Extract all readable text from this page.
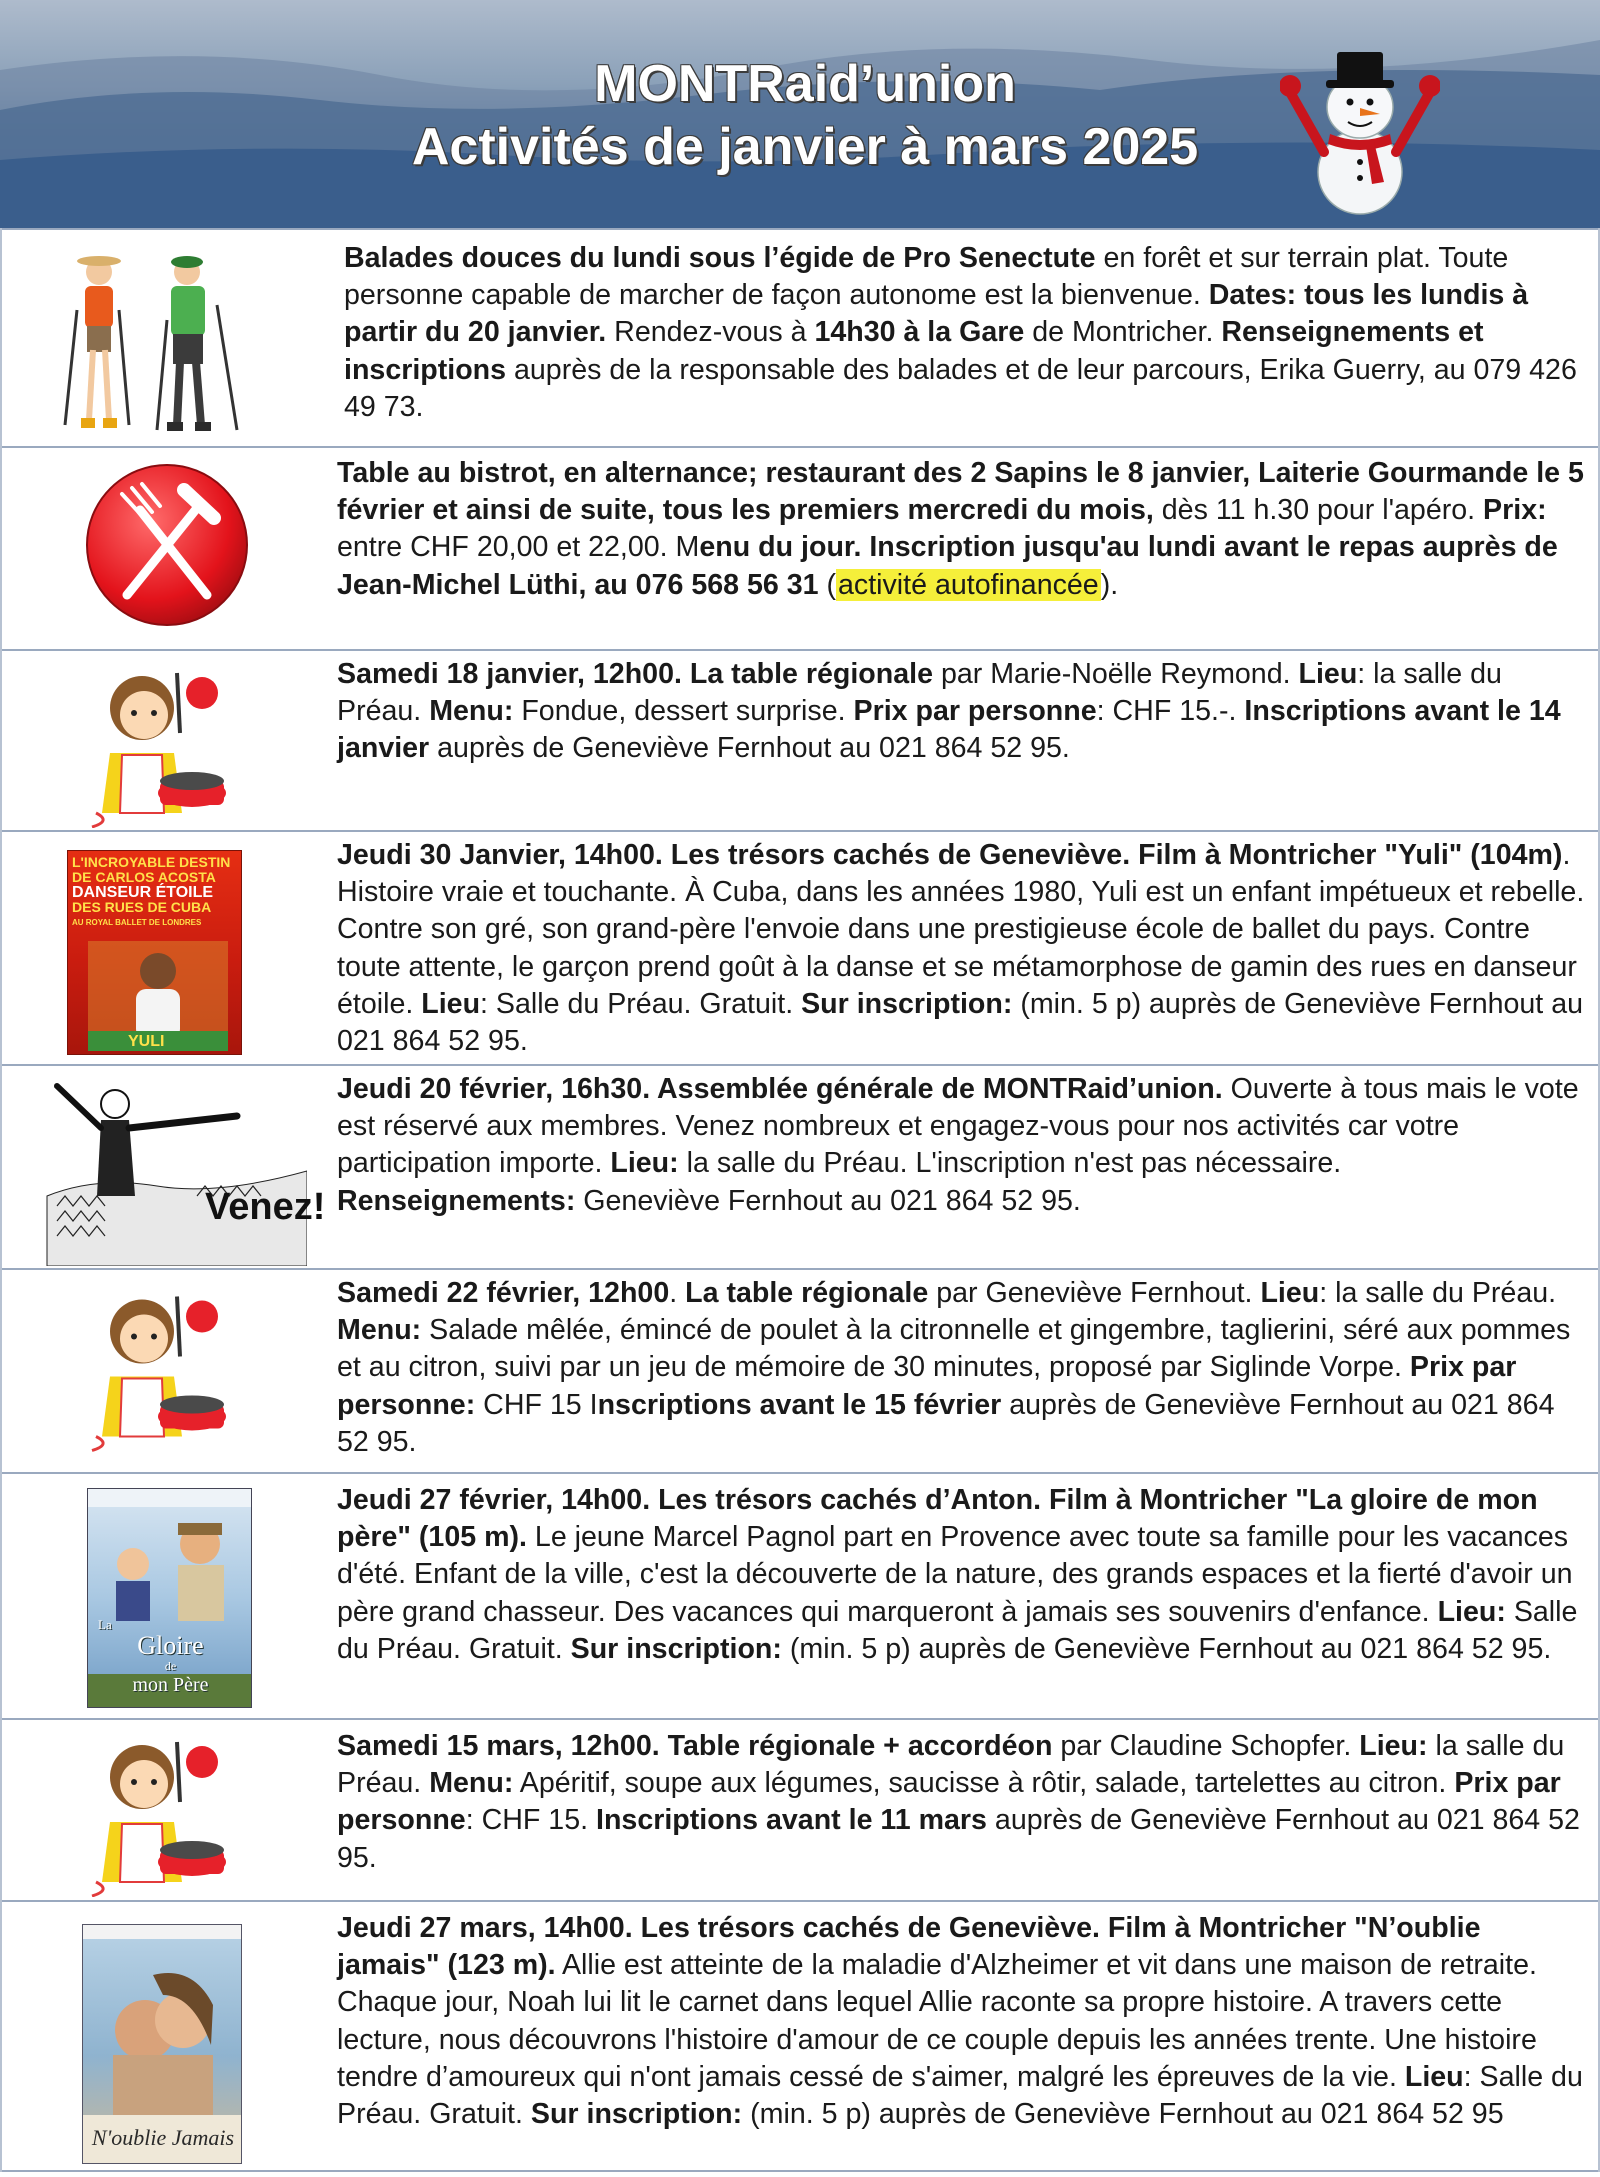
MONTRaid’union
Activités de janvier à mars 2025
Balades douces du lundi sous l’égide de Pro Senectute en forêt et sur terrain plat. Toute personne capable de marcher de façon autonome est la bienvenue. Dates: tous les lundis à partir du 20 janvier. Rendez-vous à 14h30 à la Gare de Montricher. Renseignements et inscriptions auprès de la responsable des balades et de leur parcours, Erika Guerry, au 079 426 49 73.
Table au bistrot, en alternance; restaurant des 2 Sapins le 8 janvier, Laiterie Gourmande le 5 février et ainsi de suite, tous les premiers mercredi du mois, dès 11 h.30 pour l'apéro. Prix: entre CHF 20,00 et 22,00. Menu du jour. Inscription jusqu'au lundi avant le repas auprès de Jean-Michel Lüthi, au 076 568 56 31 (activité autofinancée).
Samedi 18 janvier, 12h00. La table régionale par Marie-Noëlle Reymond. Lieu: la salle du Préau. Menu: Fondue, dessert surprise. Prix par personne: CHF 15.-. Inscriptions avant le 14 janvier auprès de Geneviève Fernhout au 021 864 52 95.
L'INCROYABLE DESTIN
DE CARLOS ACOSTA
DANSEUR ÉTOILE
DES RUES DE CUBA
AU ROYAL BALLET DE LONDRES
YULI
Jeudi 30 Janvier, 14h00. Les trésors cachés de Geneviève. Film à Montricher "Yuli" (104m). Histoire vraie et touchante. À Cuba, dans les années 1980, Yuli est un enfant impétueux et rebelle. Contre son gré, son grand-père l'envoie dans une prestigieuse école de ballet du pays. Contre toute attente, le garçon prend goût à la danse et se métamorphose de gamin des rues en danseur étoile. Lieu: Salle du Préau. Gratuit. Sur inscription: (min. 5 p) auprès de Geneviève Fernhout au 021 864 52 95.
Venez!
Jeudi 20 février, 16h30. Assemblée générale de MONTRaid’union. Ouverte à tous mais le vote est réservé aux membres. Venez nombreux et engagez-vous pour nos activités car votre participation importe. Lieu: la salle du Préau. L'inscription n'est pas nécessaire. Renseignements: Geneviève Fernhout au 021 864 52 95.
Samedi 22 février, 12h00. La table régionale par Geneviève Fernhout. Lieu: la salle du Préau. Menu: Salade mêlée, émincé de poulet à la citronnelle et gingembre, taglierini, séré aux pommes et au citron, suivi par un jeu de mémoire de 30 minutes, proposé par Siglinde Vorpe. Prix par personne: CHF 15 Inscriptions avant le 15 février auprès de Geneviève Fernhout au 021 864 52 95.
La
Gloire
de
mon Père
Jeudi 27 février, 14h00. Les trésors cachés d’Anton. Film à Montricher "La gloire de mon père" (105 m). Le jeune Marcel Pagnol part en Provence avec toute sa famille pour les vacances d'été. Enfant de la ville, c'est la découverte de la nature, des grands espaces et la fierté d'avoir un père grand chasseur. Des vacances qui marqueront à jamais ses souvenirs d'enfance. Lieu: Salle du Préau. Gratuit. Sur inscription: (min. 5 p) auprès de Geneviève Fernhout au 021 864 52 95.
Samedi 15 mars, 12h00. Table régionale + accordéon par Claudine Schopfer. Lieu: la salle du Préau. Menu: Apéritif, soupe aux légumes, saucisse à rôtir, salade, tartelettes au citron. Prix par personne: CHF 15. Inscriptions avant le 11 mars auprès de Geneviève Fernhout au 021 864 52 95.
N'oublie Jamais
Jeudi 27 mars, 14h00. Les trésors cachés de Geneviève. Film à Montricher "N’oublie jamais" (123 m). Allie est atteinte de la maladie d'Alzheimer et vit dans une maison de retraite. Chaque jour, Noah lui lit le carnet dans lequel Allie raconte sa propre histoire. A travers cette lecture, nous découvrons l'histoire d'amour de ce couple depuis les années trente. Une histoire tendre d’amoureux qui n'ont jamais cessé de s'aimer, malgré les épreuves de la vie. Lieu: Salle du Préau. Gratuit. Sur inscription: (min. 5 p) auprès de Geneviève Fernhout au 021 864 52 95
